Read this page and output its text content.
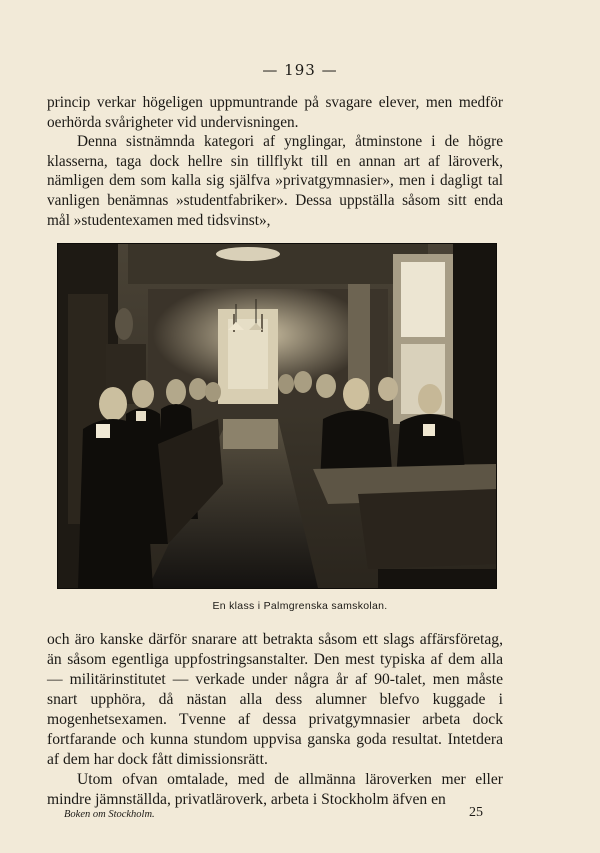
— 193 —

princip verkar högeligen uppmuntrande på svagare elever, men medför oerhörda svårigheter vid undervisningen.

Denna sistnämnda kategori af ynglingar, åtminstone i de högre klasserna, taga dock hellre sin tillflykt till en annan art af läroverk, nämligen dem som kalla sig själfva »privatgymnasier», men i dagligt tal vanligen benämnas »studentfabriker». Dessa uppställa såsom sitt enda mål »studentexamen med tidsvinst»,

En klass i Palmgrenska samskolan.

och äro kanske därför snarare att betrakta såsom ett slags affärsföretag, än såsom egentliga uppfostringsanstalter. Den mest typiska af dem alla — militärinstitutet — verkade under några år af 90-talet, men måste snart upphöra, då nästan alla dess alumner blefvo kuggade i mogenhetsexamen. Tvenne af dessa privatgymnasier arbeta dock fortfarande och kunna stundom uppvisa ganska goda resultat. Intetdera af dem har dock fått dimissionsrätt.

Utom ofvan omtalade, med de allmänna läroverken mer eller mindre jämnställda, privatläroverk, arbeta i Stockholm äfven en

Boken om Stockholm.	25
